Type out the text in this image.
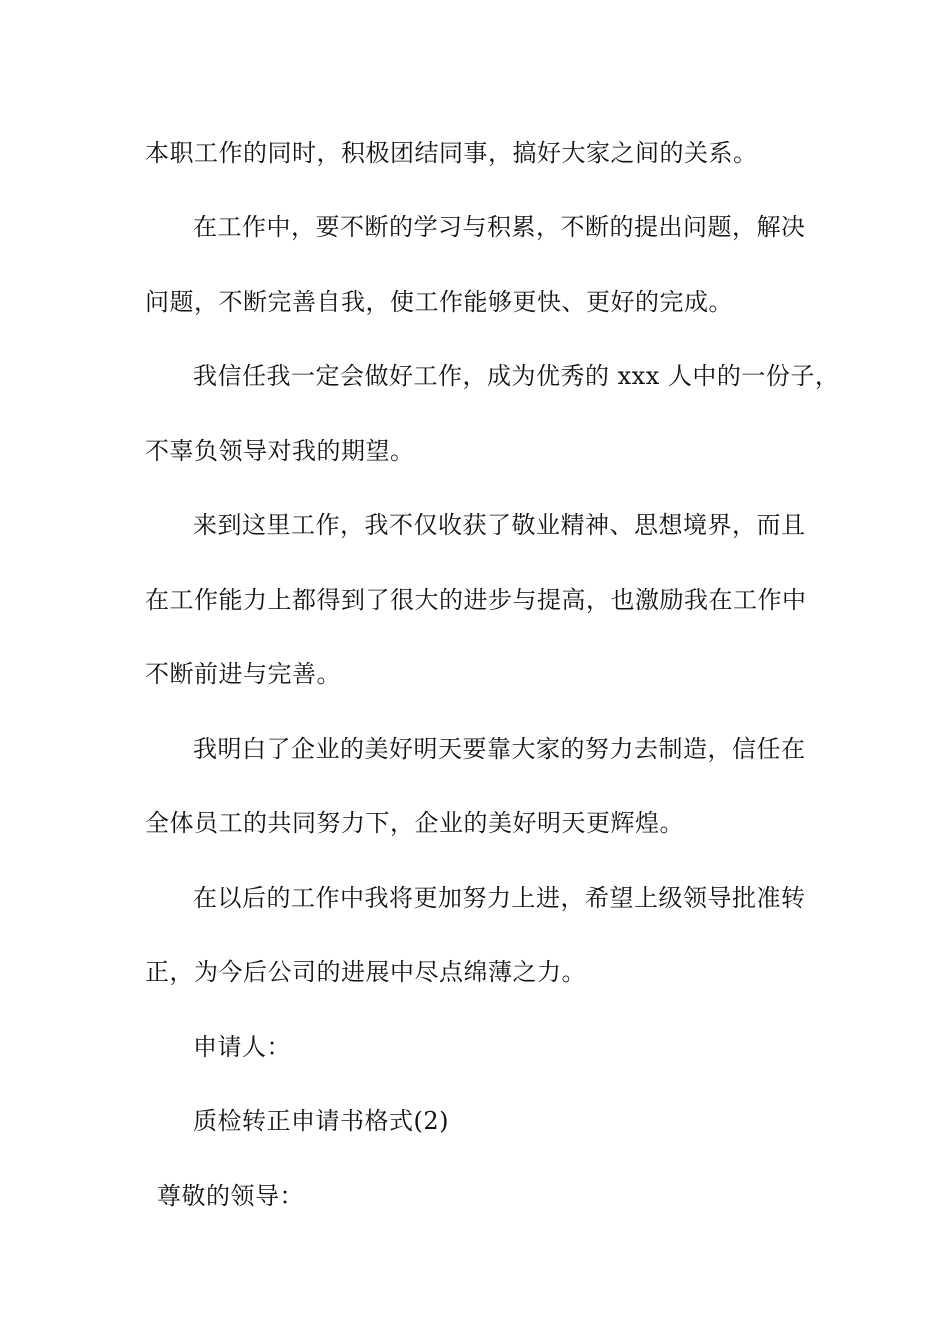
本职工作的同时，积极团结同事，搞好大家之间的关系。
在工作中，要不断的学习与积累，不断的提出问题，解决
问题，不断完善自我，使工作能够更快、更好的完成。
我信任我一定会做好工作，成为优秀的 xxx 人中的一份子，
不辜负领导对我的期望。
来到这里工作，我不仅收获了敬业精神、思想境界，而且
在工作能力上都得到了很大的进步与提高，也激励我在工作中
不断前进与完善。
我明白了企业的美好明天要靠大家的努力去制造，信任在
全体员工的共同努力下，企业的美好明天更辉煌。
在以后的工作中我将更加努力上进，希望上级领导批准转
正，为今后公司的进展中尽点绵薄之力。
申请人：
质检转正申请书格式(2)
尊敬的领导：
